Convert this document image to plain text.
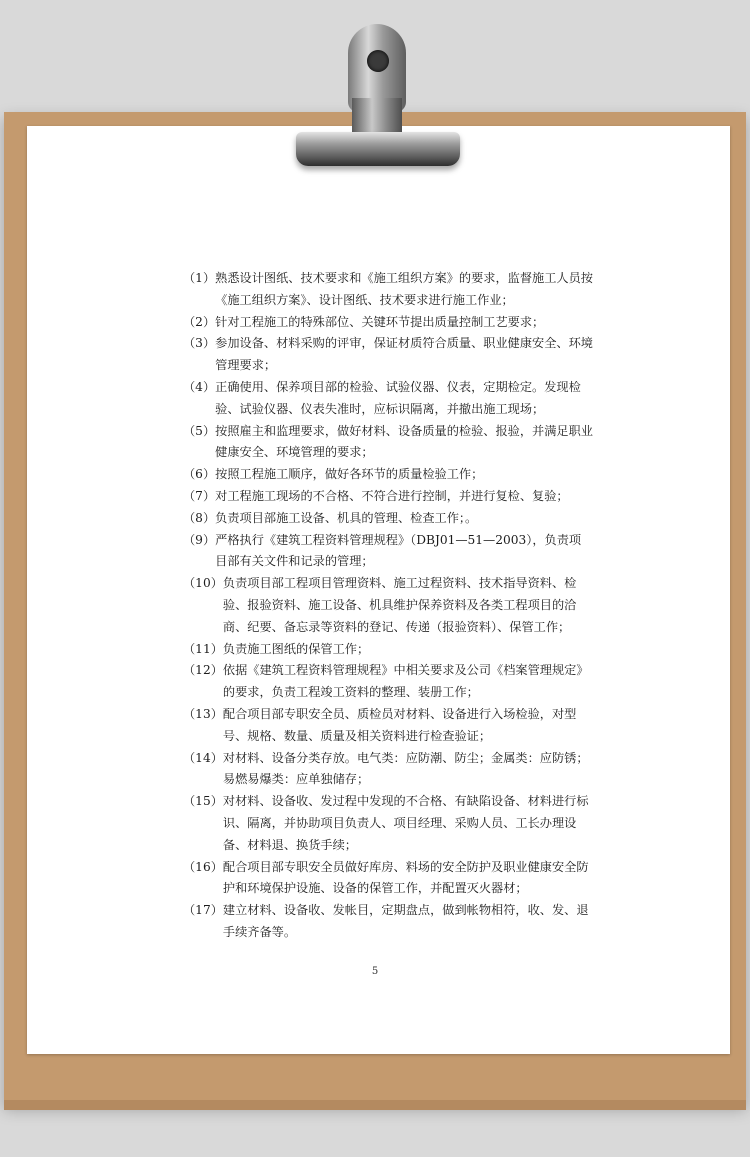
（1） 熟悉设计图纸、技术要求和《施工组织方案》的要求，监督施工人员按《施工组织方案》、设计图纸、技术要求进行施工作业；
（2） 针对工程施工的特殊部位、关键环节提出质量控制工艺要求；
（3） 参加设备、材料采购的评审，保证材质符合质量、职业健康安全、环境管理要求；
（4） 正确使用、保养项目部的检验、试验仪器、仪表，定期检定。发现检验、试验仪器、仪表失准时，应标识隔离，并撤出施工现场；
（5） 按照雇主和监理要求，做好材料、设备质量的检验、报验，并满足职业健康安全、环境管理的要求；
（6） 按照工程施工顺序，做好各环节的质量检验工作；
（7） 对工程施工现场的不合格、不符合进行控制，并进行复检、复验；
（8） 负责项目部施工设备、机具的管理、检查工作；。
（9） 严格执行《建筑工程资料管理规程》（DBJ01—51—2003），负责项目部有关文件和记录的管理；
（10） 负责项目部工程项目管理资料、施工过程资料、技术指导资料、检验、报验资料、施工设备、机具维护保养资料及各类工程项目的洽商、纪要、备忘录等资料的登记、传递（报验资料）、保管工作；
（11） 负责施工图纸的保管工作；
（12） 依据《建筑工程资料管理规程》中相关要求及公司《档案管理规定》的要求，负责工程竣工资料的整理、装册工作；
（13） 配合项目部专职安全员、质检员对材料、设备进行入场检验，对型号、规格、数量、质量及相关资料进行检查验证；
（14） 对材料、设备分类存放。电气类：应防潮、防尘；金属类：应防锈；易燃易爆类：应单独储存；
（15） 对材料、设备收、发过程中发现的不合格、有缺陷设备、材料进行标识、隔离，并协助项目负责人、项目经理、采购人员、工长办理设备、材料退、换货手续；
（16） 配合项目部专职安全员做好库房、料场的安全防护及职业健康安全防护和环境保护设施、设备的保管工作，并配置灭火器材；
（17） 建立材料、设备收、发帐目，定期盘点，做到帐物相符，收、发、退手续齐备等。
5
